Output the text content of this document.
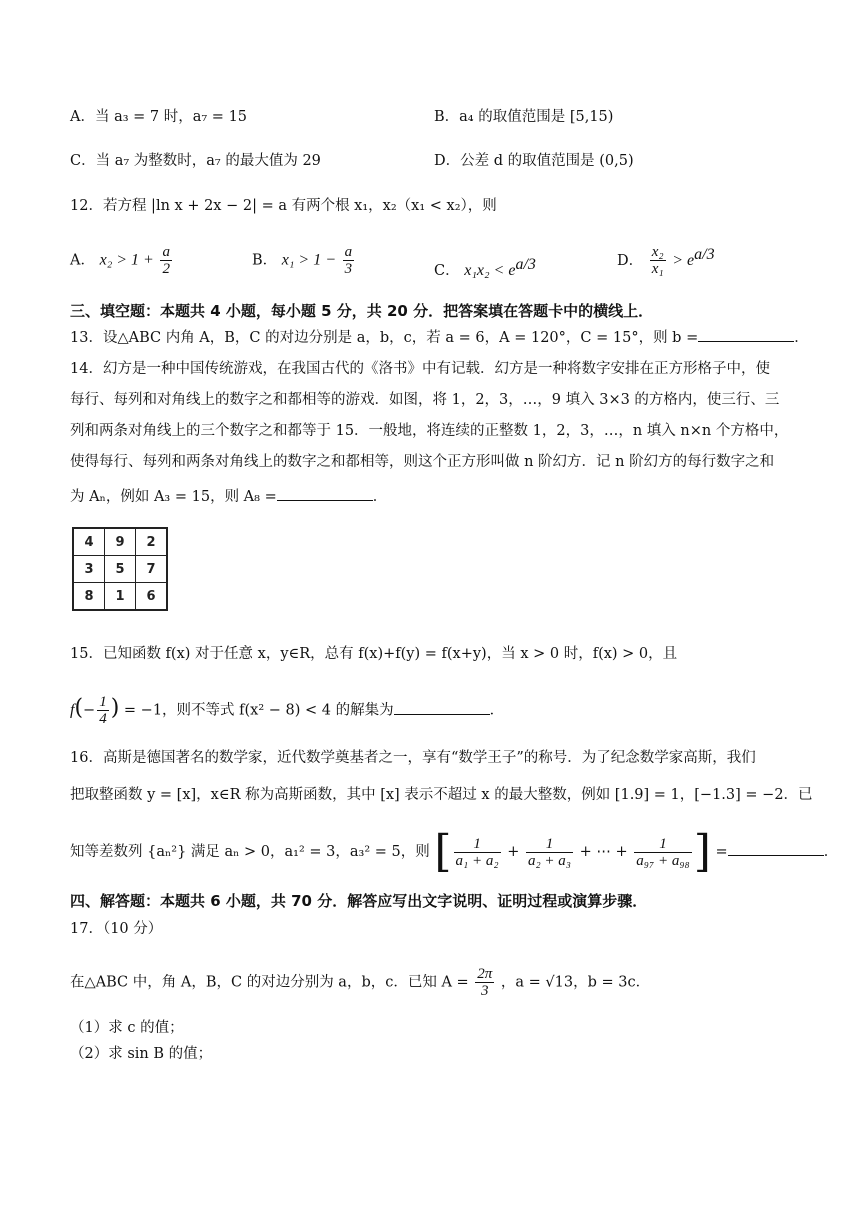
A．当 a₃ = 7 时，a₇ = 15	B．a₄ 的取值范围是 [5,15)
C．当 a₇ 为整数时，a₇ 的最大值为 29	D．公差 d 的取值范围是 (0,5)
12．若方程 |ln x + 2x − 2| = a 有两个根 x₁，x₂（x₁ < x₂），则
A． $x_2 > 1 + \frac{a}{2}$	B． $x_1 > 1 - \frac{a}{3}$	C． $x_1x_2 < e^{a/3}$	D． $\frac{\text{x₂}}{\text{x₁}} > e^{a/3}$
三、填空题：本题共 4 小题，每小题 5 分，共 20 分．把答案填在答题卡中的横线上．
13．设△ABC 内角 A，B，C 的对边分别是 a，b，c，若 a = 6，A = 120°，C = 15°，则 b =	．
14．幻方是一种中国传统游戏，在我国古代的《洛书》中有记载．幻方是一种将数字安排在正方形格子中，使
每行、每列和对角线上的数字之和都相等的游戏．如图，将 1，2，3，…，9 填入 3×3 的方格内，使三行、三
列和两条对角线上的三个数字之和都等于 15．一般地，将连续的正整数 1，2，3，…，n 填入 n×n 个方格中，
使得每行、每列和两条对角线上的数字之和都相等，则这个正方形叫做 n 阶幻方．记 n 阶幻方的每行数字之和
为 Aₙ，例如 A₃ = 15，则 A₈ =	．
4	9	2
3	5	7
8	1	6
15．已知函数 f(x) 对于任意 x，y∈R，总有 f(x)+f(y) = f(x+y)，当 x > 0 时，f(x) > 0，且
$f(- \frac{1}{4}$ ) = −1，则不等式 f(x² − 8) < 4 的解集为	．
16．高斯是德国著名的数学家，近代数学奠基者之一，享有“数学王子”的称号．为了纪念数学家高斯，我们
把取整函数 y = [x]，x∈R 称为高斯函数，其中 [x] 表示不超过 x 的最大整数，例如 [1.9] = 1，[−1.3] = −2．已
知等差数列 {aₙ²} 满足 aₙ > 0，a₁² = 3，a₃² = 5，则 [ $\frac{1}{\text{a₁ + a₂}} + \frac{1}{\text{a₂ + a₃}}$ + ⋯ + $\frac{1}{\text{a₉₇ + a₉₈}}$ ] =	．
四、解答题：本题共 6 小题，共 70 分．解答应写出文字说明、证明过程或演算步骤．
17．（10 分）
在△ABC 中，角 A，B，C 的对边分别为 a，b，c．已知 $A = \frac{2\pi}{3}$ ，a = √13，b = 3c．
（1）求 c 的值；
（2）求 sin B 的值；
